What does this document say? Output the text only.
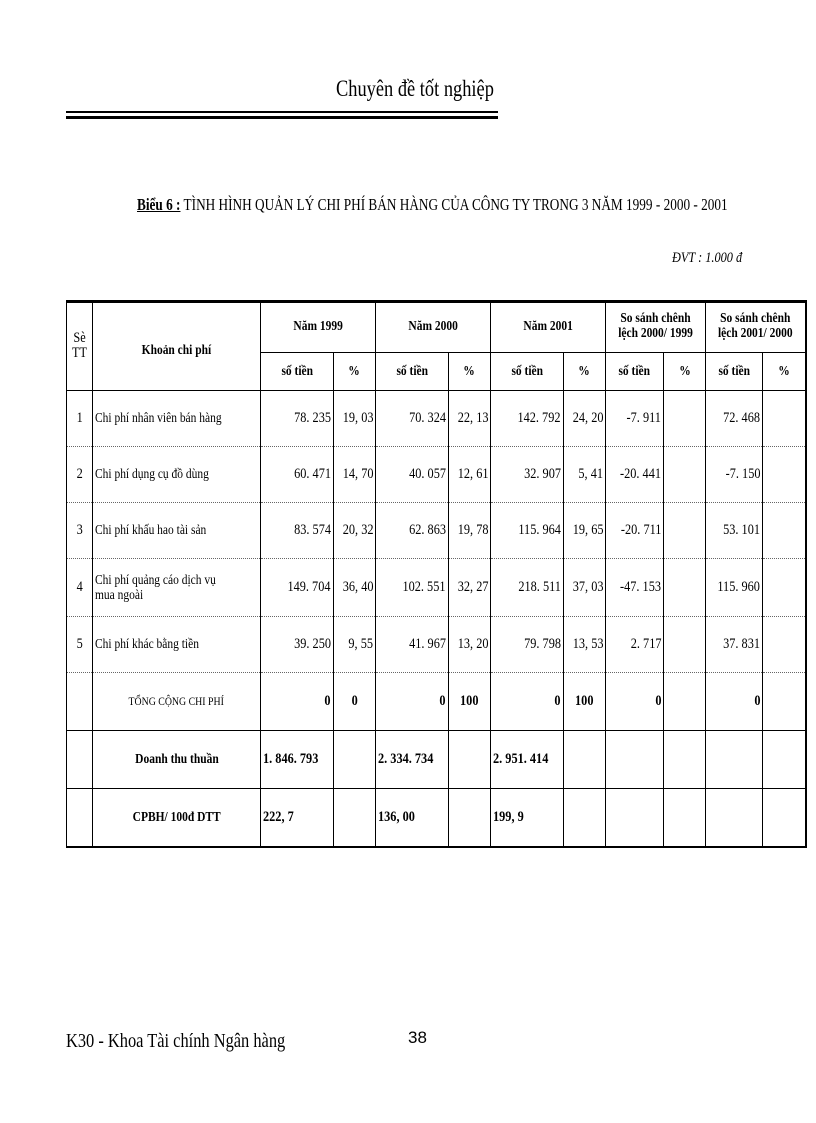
Chuyên đề tốt nghiệp
Biểu 6 : TÌNH HÌNH QUẢN LÝ CHI PHÍ BÁN HÀNG CỦA CÔNG TY TRONG 3 NĂM 1999 - 2000 - 2001
ĐVT : 1.000 đ
Sè TT	Khoản chi phí	Năm 1999		Năm 2000		Năm 2001		So sánh chênh lệch 2000/ 1999		So sánh chênh lệch 2001/ 2000	
		số tiền	%	số tiền	%	số tiền	%	số tiền	%	số tiền	%
1	Chi phí nhân viên bán hàng	78. 235	19, 03	70. 324	22, 13	142. 792	24, 20	-7. 911		72. 468	
2	Chi phí dụng cụ đồ dùng	60. 471	14, 70	40. 057	12, 61	32. 907	5, 41	-20. 441		-7. 150	
3	Chi phí khấu hao tài sản	83. 574	20, 32	62. 863	19, 78	115. 964	19, 65	-20. 711		53. 101	
4	Chi phí quảng cáo dịch vụ mua ngoài	149. 704	36, 40	102. 551	32, 27	218. 511	37, 03	-47. 153		115. 960	
5	Chi phí khác bằng tiền	39. 250	9, 55	41. 967	13, 20	79. 798	13, 53	2. 717		37. 831	
	TỔNG CỘNG CHI PHÍ	0	0	0	100	0	100	0		0	
	Doanh thu thuần	1. 846. 793		2. 334. 734		2. 951. 414					
	CPBH/ 100đ DTT	222, 7		136, 00		199, 9					
K30 - Khoa Tài chính Ngân hàng	38
